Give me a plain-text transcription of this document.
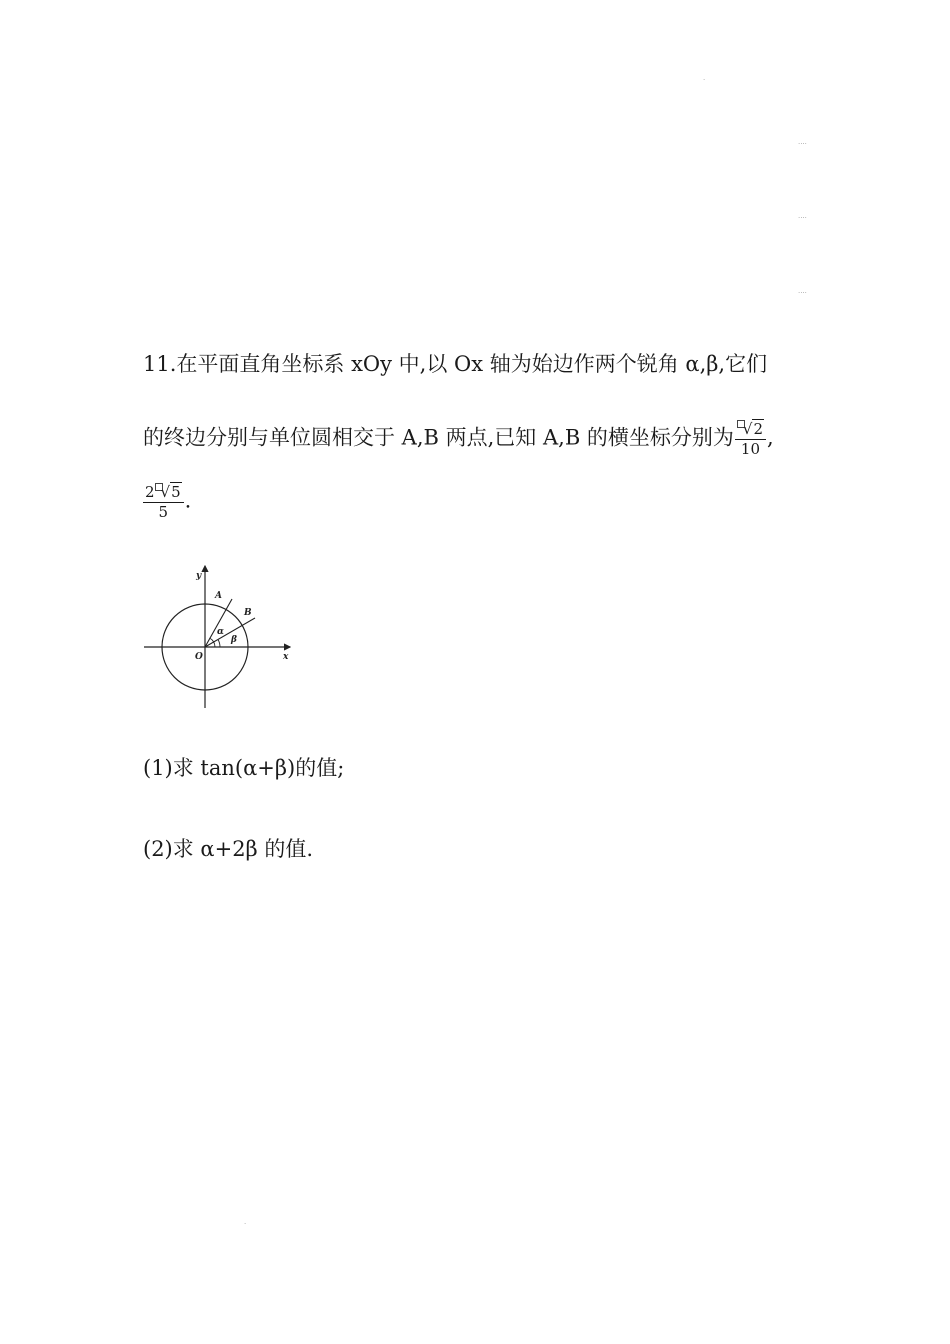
·
····
····
····
·
11.在平面直角坐标系 xOy 中,以 Ox 轴为始边作两个锐角 α,β,它们
的终边分别与单位圆相交于 A,B 两点,已知 A,B 的横坐标分别为 $\frac{√2}{10}$ ,
$\frac{2 √5}{5}$ .
y
x
O
A
B
α
β
(1)求 tan(α+β)的值;
(2)求 α+2β 的值.
